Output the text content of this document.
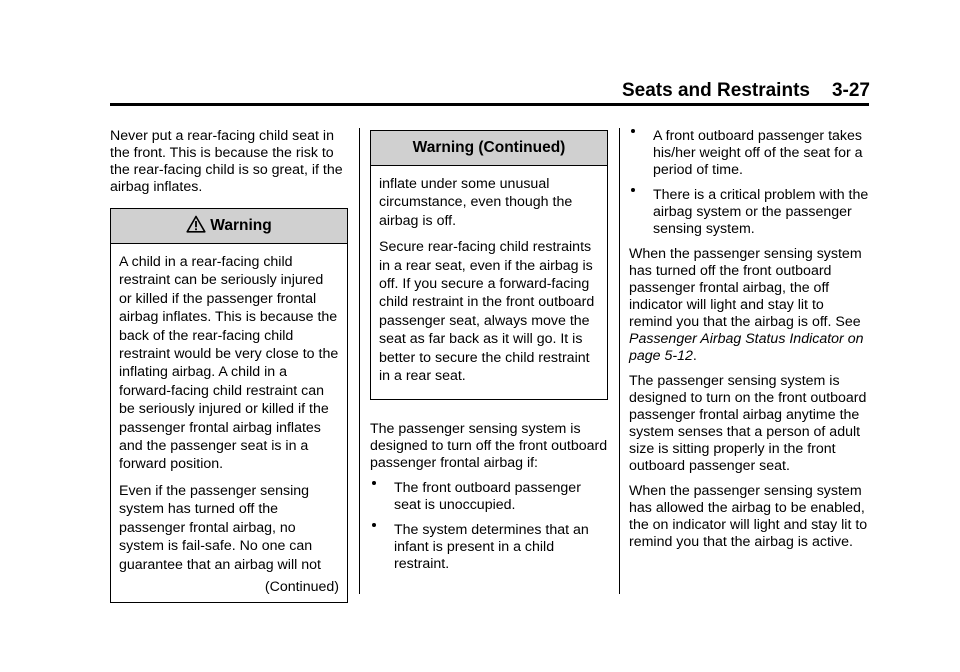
Seats and Restraints 3-27

Never put a rear-facing child seat in the front. This is because the risk to the rear-facing child is so great, if the airbag inflates.

Warning

A child in a rear-facing child restraint can be seriously injured or killed if the passenger frontal airbag inflates. This is because the back of the rear-facing child restraint would be very close to the inflating airbag. A child in a forward-facing child restraint can be seriously injured or killed if the passenger frontal airbag inflates and the passenger seat is in a forward position.

Even if the passenger sensing system has turned off the passenger frontal airbag, no system is fail-safe. No one can guarantee that an airbag will not

(Continued)
Warning (Continued)

inflate under some unusual circumstance, even though the airbag is off.

Secure rear-facing child restraints in a rear seat, even if the airbag is off. If you secure a forward-facing child restraint in the front outboard passenger seat, always move the seat as far back as it will go. It is better to secure the child restraint in a rear seat.

The passenger sensing system is designed to turn off the front outboard passenger frontal airbag if:

The front outboard passenger seat is unoccupied.
The system determines that an infant is present in a child restraint.
A front outboard passenger takes his/her weight off of the seat for a period of time.
There is a critical problem with the airbag system or the passenger sensing system.

When the passenger sensing system has turned off the front outboard passenger frontal airbag, the off indicator will light and stay lit to remind you that the airbag is off. See Passenger Airbag Status Indicator on page 5-12.

The passenger sensing system is designed to turn on the front outboard passenger frontal airbag anytime the system senses that a person of adult size is sitting properly in the front outboard passenger seat.

When the passenger sensing system has allowed the airbag to be enabled, the on indicator will light and stay lit to remind you that the airbag is active.
